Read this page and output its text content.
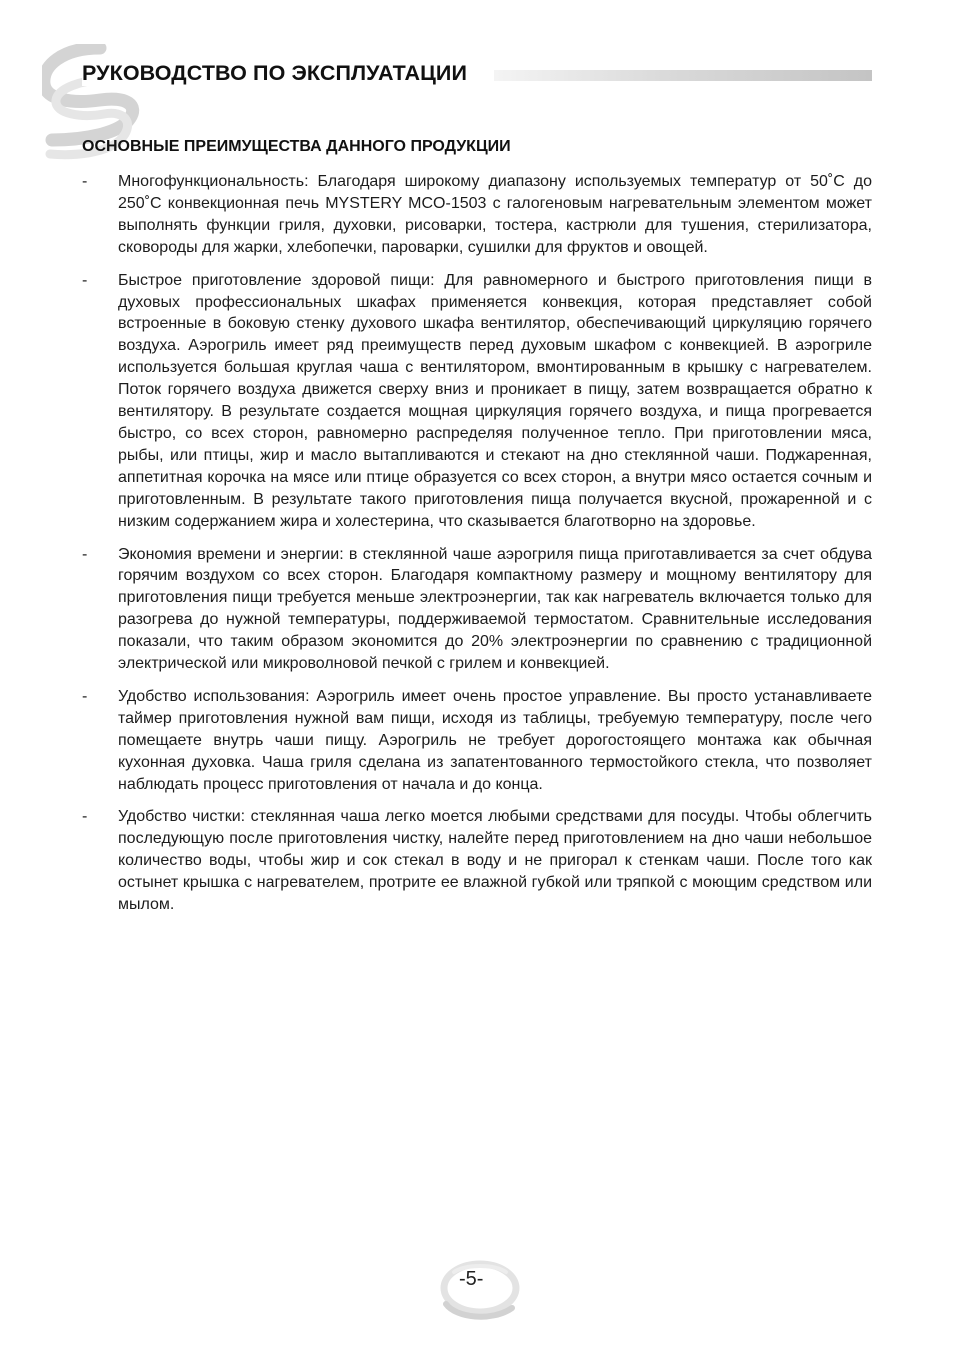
РУКОВОДСТВО ПО ЭКСПЛУАТАЦИИ
ОСНОВНЫЕ ПРЕИМУЩЕСТВА ДАННОГО ПРОДУКЦИИ
- Многофункциональность: Благодаря широкому диапазону используемых температур от 50˚С до 250˚С конвекционная печь MYSTERY MCO-1503 с галогеновым нагревательным элементом может выполнять функции гриля, духовки, рисоварки, тостера, кастрюли для тушения, стерилизатора, сковороды для жарки, хлебопечки, пароварки, сушилки для фруктов и овощей.
- Быстрое приготовление здоровой пищи: Для равномерного и быстрого приготовления пищи в духовых профессиональных шкафах применяется конвекция, которая представляет собой встроенные в боковую стенку духового шкафа вентилятор, обеспечивающий циркуляцию горячего воздуха. Аэрогриль имеет ряд преимуществ перед духовым шкафом с конвекцией. В аэрогриле используется большая круглая чаша с вентилятором, вмонтированным в крышку с нагревателем. Поток горячего воздуха движется сверху вниз и проникает в пищу, затем возвращается обратно к вентилятору. В результате создается мощная циркуляция горячего воздуха, и пища прогревается быстро, со всех сторон, равномерно распределяя полученное тепло. При приготовлении мяса, рыбы, или птицы, жир и масло вытапливаются и стекают на дно стеклянной чаши. Поджаренная, аппетитная корочка на мясе или птице образуется со всех сторон, а внутри мясо остается сочным и приготовленным. В результате такого приготовления пища получается вкусной, прожаренной и с низким содержанием жира и холестерина, что сказывается благотворно на здоровье.
- Экономия времени и энергии: в стеклянной чаше аэрогриля пища приготавливается за счет обдува горячим воздухом со всех сторон. Благодаря компактному размеру и мощному вентилятору для приготовления пищи требуется меньше электроэнергии, так как нагреватель включается только для разогрева до нужной температуры, поддерживаемой термостатом. Сравнительные исследования показали, что таким образом экономится до 20% электроэнергии по сравнению с традиционной электрической или микроволновой печкой с грилем и конвекцией.
- Удобство использования: Аэрогриль имеет очень простое управление. Вы просто устанавливаете таймер приготовления нужной вам пищи, исходя из таблицы, требуемую температуру, после чего помещаете внутрь чаши пищу. Аэрогриль не требует дорогостоящего монтажа как обычная кухонная духовка. Чаша гриля сделана из запатентованного термостойкого стекла, что позволяет наблюдать процесс приготовления от начала и до конца.
- Удобство чистки: стеклянная чаша легко моется любыми средствами для посуды. Чтобы облегчить последующую после приготовления чистку, налейте перед приготовлением на дно чаши небольшое количество воды, чтобы жир и сок стекал в воду и не пригорал к стенкам чаши. После того как остынет крышка с нагревателем, протрите ее влажной губкой или тряпкой с моющим средством или мылом.
-5-
